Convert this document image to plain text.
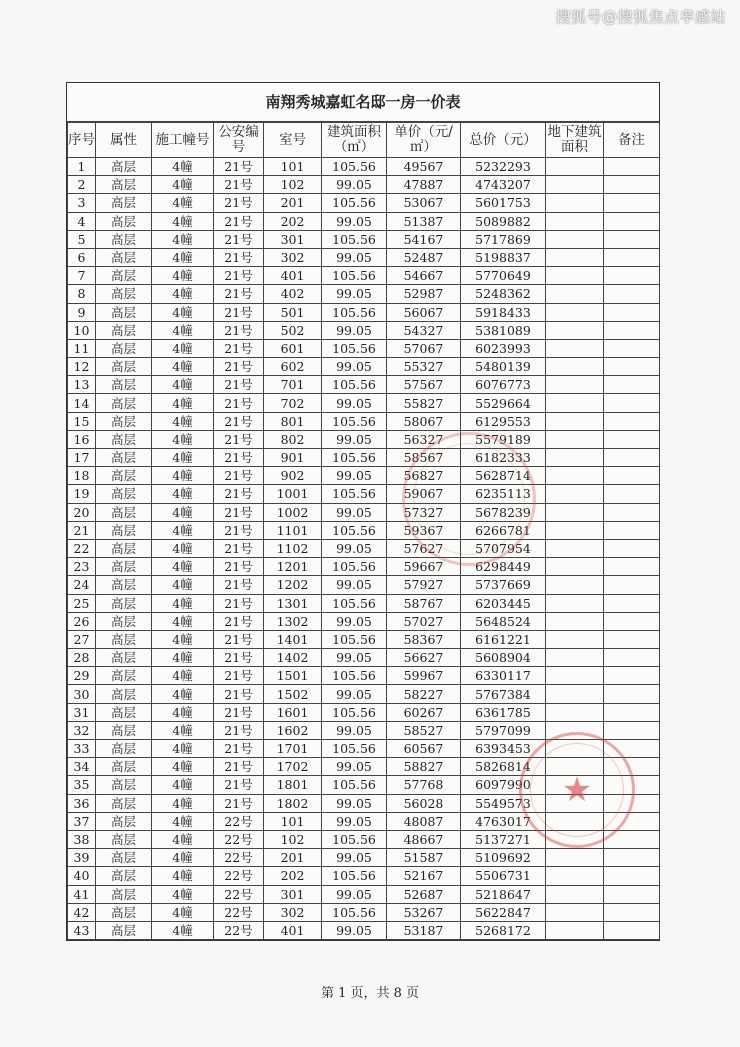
搜狐号@搜狐焦点孝感站
南翔秀城嘉虹名邸一房一价表
序号	属性	施工幢号	公安编号	室号	建筑面积（㎡）	单价（元/㎡）	总价（元）	地下建筑面积	备注
1	高层	4幢	21号	101	105.56	49567	5232293		
2	高层	4幢	21号	102	99.05	47887	4743207		
3	高层	4幢	21号	201	105.56	53067	5601753		
4	高层	4幢	21号	202	99.05	51387	5089882		
5	高层	4幢	21号	301	105.56	54167	5717869		
6	高层	4幢	21号	302	99.05	52487	5198837		
7	高层	4幢	21号	401	105.56	54667	5770649		
8	高层	4幢	21号	402	99.05	52987	5248362		
9	高层	4幢	21号	501	105.56	56067	5918433		
10	高层	4幢	21号	502	99.05	54327	5381089		
11	高层	4幢	21号	601	105.56	57067	6023993		
12	高层	4幢	21号	602	99.05	55327	5480139		
13	高层	4幢	21号	701	105.56	57567	6076773		
14	高层	4幢	21号	702	99.05	55827	5529664		
15	高层	4幢	21号	801	105.56	58067	6129553		
16	高层	4幢	21号	802	99.05	56327	5579189		
17	高层	4幢	21号	901	105.56	58567	6182333		
18	高层	4幢	21号	902	99.05	56827	5628714		
19	高层	4幢	21号	1001	105.56	59067	6235113		
20	高层	4幢	21号	1002	99.05	57327	5678239		
21	高层	4幢	21号	1101	105.56	59367	6266781		
22	高层	4幢	21号	1102	99.05	57627	5707954		
23	高层	4幢	21号	1201	105.56	59667	6298449		
24	高层	4幢	21号	1202	99.05	57927	5737669		
25	高层	4幢	21号	1301	105.56	58767	6203445		
26	高层	4幢	21号	1302	99.05	57027	5648524		
27	高层	4幢	21号	1401	105.56	58367	6161221		
28	高层	4幢	21号	1402	99.05	56627	5608904		
29	高层	4幢	21号	1501	105.56	59967	6330117		
30	高层	4幢	21号	1502	99.05	58227	5767384		
31	高层	4幢	21号	1601	105.56	60267	6361785		
32	高层	4幢	21号	1602	99.05	58527	5797099		
33	高层	4幢	21号	1701	105.56	60567	6393453		
34	高层	4幢	21号	1702	99.05	58827	5826814		
35	高层	4幢	21号	1801	105.56	57768	6097990		
36	高层	4幢	21号	1802	99.05	56028	5549573		
37	高层	4幢	22号	101	99.05	48087	4763017		
38	高层	4幢	22号	102	105.56	48667	5137271		
39	高层	4幢	22号	201	99.05	51587	5109692		
40	高层	4幢	22号	202	105.56	52167	5506731		
41	高层	4幢	22号	301	99.05	52687	5218647		
42	高层	4幢	22号	302	105.56	53267	5622847		
43	高层	4幢	22号	401	99.05	53187	5268172		
★
第 1 页，共 8 页
